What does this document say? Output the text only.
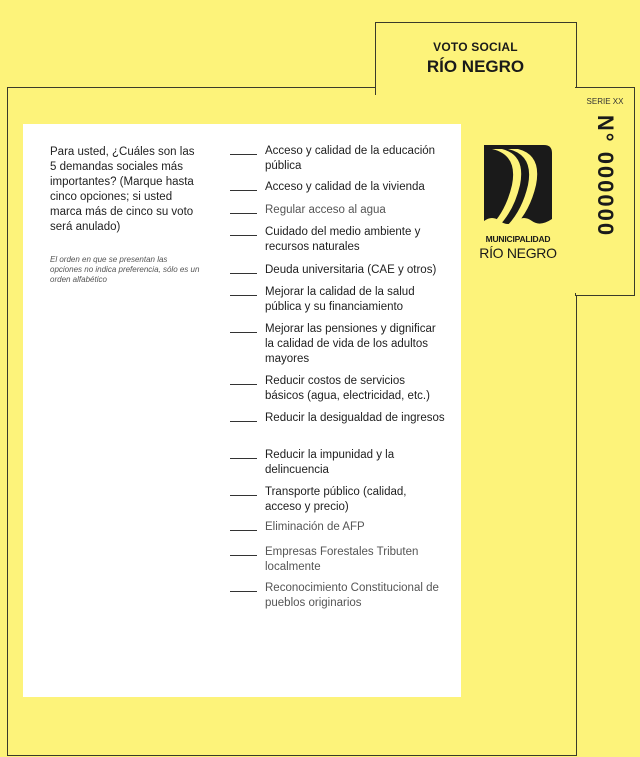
VOTO SOCIAL
RÍO NEGRO
SERIE XX
N° 000000
Para usted, ¿Cuáles son las 5 demandas sociales más importantes? (Marque hasta cinco opciones; si usted marca más de cinco su voto será anulado)
El orden en que se presentan las opciones no indica preferencia, sólo es un orden alfabético
Acceso y calidad de la educación pública
Acceso y calidad de la vivienda
Regular acceso al agua
Cuidado del medio ambiente y recursos naturales
Deuda universitaria (CAE y otros)
Mejorar la calidad de la salud pública y su financiamiento
Mejorar las pensiones y dignificar la calidad de vida de los adultos mayores
Reducir costos de servicios básicos (agua, electricidad, etc.)
Reducir la desigualdad de ingresos
Reducir la impunidad y la delincuencia
Transporte público (calidad, acceso y precio)
Eliminación de AFP
Empresas Forestales Tributen localmente
Reconocimiento Constitucional de pueblos originarios
MUNICIPALIDAD
RÍO NEGRO
